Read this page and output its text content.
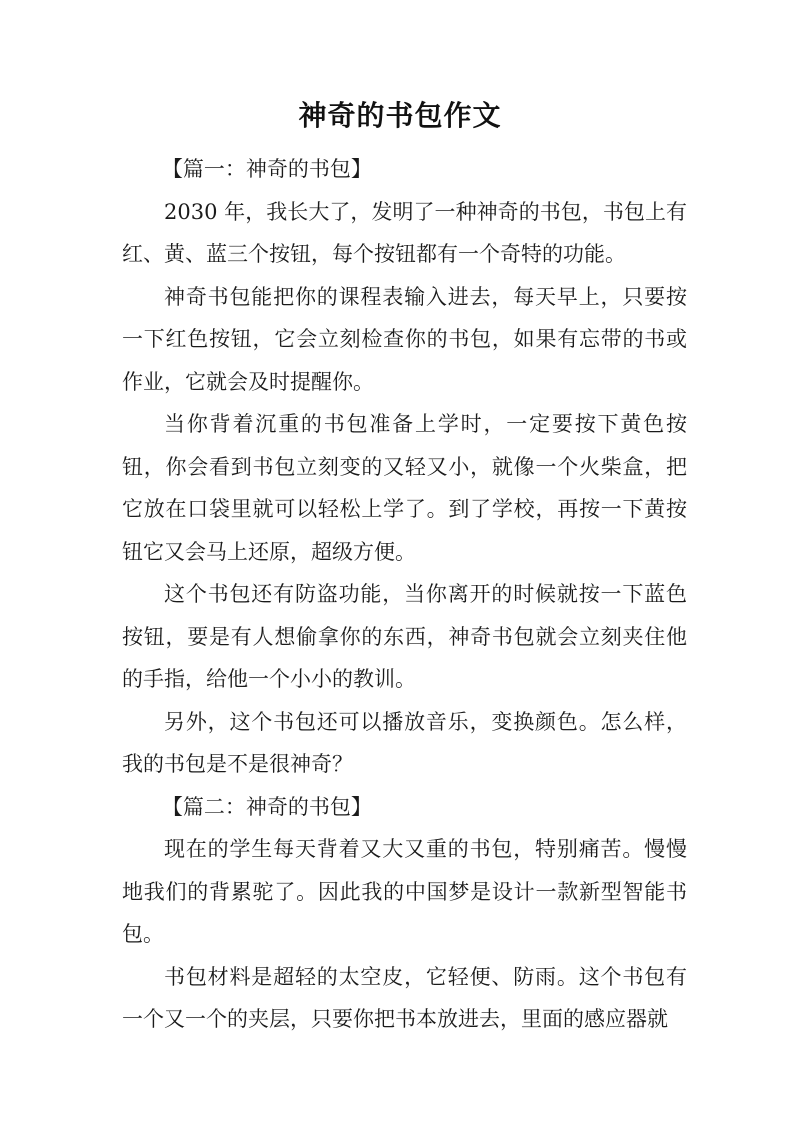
神奇的书包作文

【篇一：神奇的书包】

2030 年，我长大了，发明了一种神奇的书包，书包上有红、黄、蓝三个按钮，每个按钮都有一个奇特的功能。

神奇书包能把你的课程表输入进去，每天早上，只要按一下红色按钮，它会立刻检查你的书包，如果有忘带的书或作业，它就会及时提醒你。

当你背着沉重的书包准备上学时，一定要按下黄色按钮，你会看到书包立刻变的又轻又小，就像一个火柴盒，把它放在口袋里就可以轻松上学了。到了学校，再按一下黄按钮它又会马上还原，超级方便。

这个书包还有防盗功能，当你离开的时候就按一下蓝色按钮，要是有人想偷拿你的东西，神奇书包就会立刻夹住他的手指，给他一个小小的教训。

另外，这个书包还可以播放音乐，变换颜色。怎么样，我的书包是不是很神奇？

【篇二：神奇的书包】

现在的学生每天背着又大又重的书包，特别痛苦。慢慢地我们的背累驼了。因此我的中国梦是设计一款新型智能书包。

书包材料是超轻的太空皮，它轻便、防雨。这个书包有一个又一个的夹层，只要你把书本放进去，里面的感应器就
